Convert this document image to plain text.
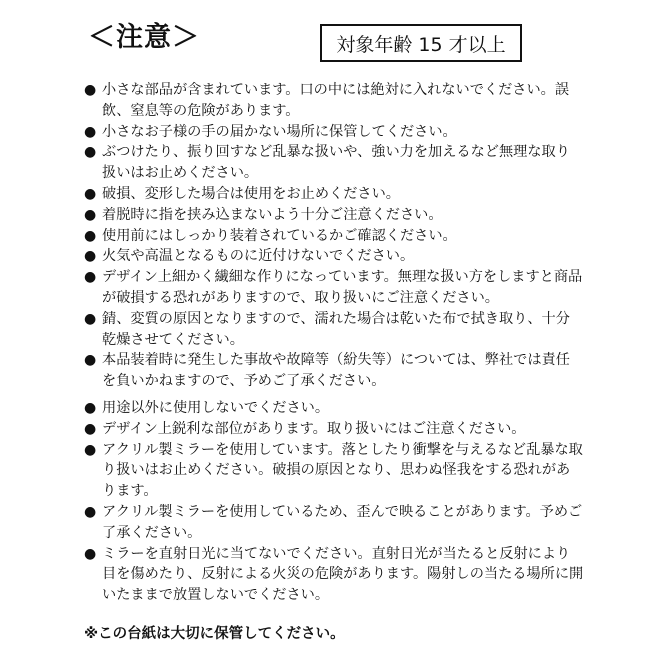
＜注意＞	対象年齢 15 才以上
● 小さな部品が含まれています。口の中には絶対に入れないでください。誤飲、窒息等の危険があります。
● 小さなお子様の手の届かない場所に保管してください。
● ぶつけたり、振り回すなど乱暴な扱いや、強い力を加えるなど無理な取り扱いはお止めください。
● 破損、変形した場合は使用をお止めください。
● 着脱時に指を挟み込まないよう十分ご注意ください。
● 使用前にはしっかり装着されているかご確認ください。
● 火気や高温となるものに近付けないでください。
● デザイン上細かく繊細な作りになっています。無理な扱い方をしますと商品が破損する恐れがありますので、取り扱いにご注意ください。
● 錆、変質の原因となりますので、濡れた場合は乾いた布で拭き取り、十分乾燥させてください。
● 本品装着時に発生した事故や故障等（紛失等）については、弊社では責任を負いかねますので、予めご了承ください。
● 用途以外に使用しないでください。
● デザイン上鋭利な部位があります。取り扱いにはご注意ください。
● アクリル製ミラーを使用しています。落としたり衝撃を与えるなど乱暴な取り扱いはお止めください。破損の原因となり、思わぬ怪我をする恐れがあります。
● アクリル製ミラーを使用しているため、歪んで映ることがあります。予めご了承ください。
● ミラーを直射日光に当てないでください。直射日光が当たると反射により目を傷めたり、反射による火災の危険があります。陽射しの当たる場所に開いたままで放置しないでください。
※この台紙は大切に保管してください。
